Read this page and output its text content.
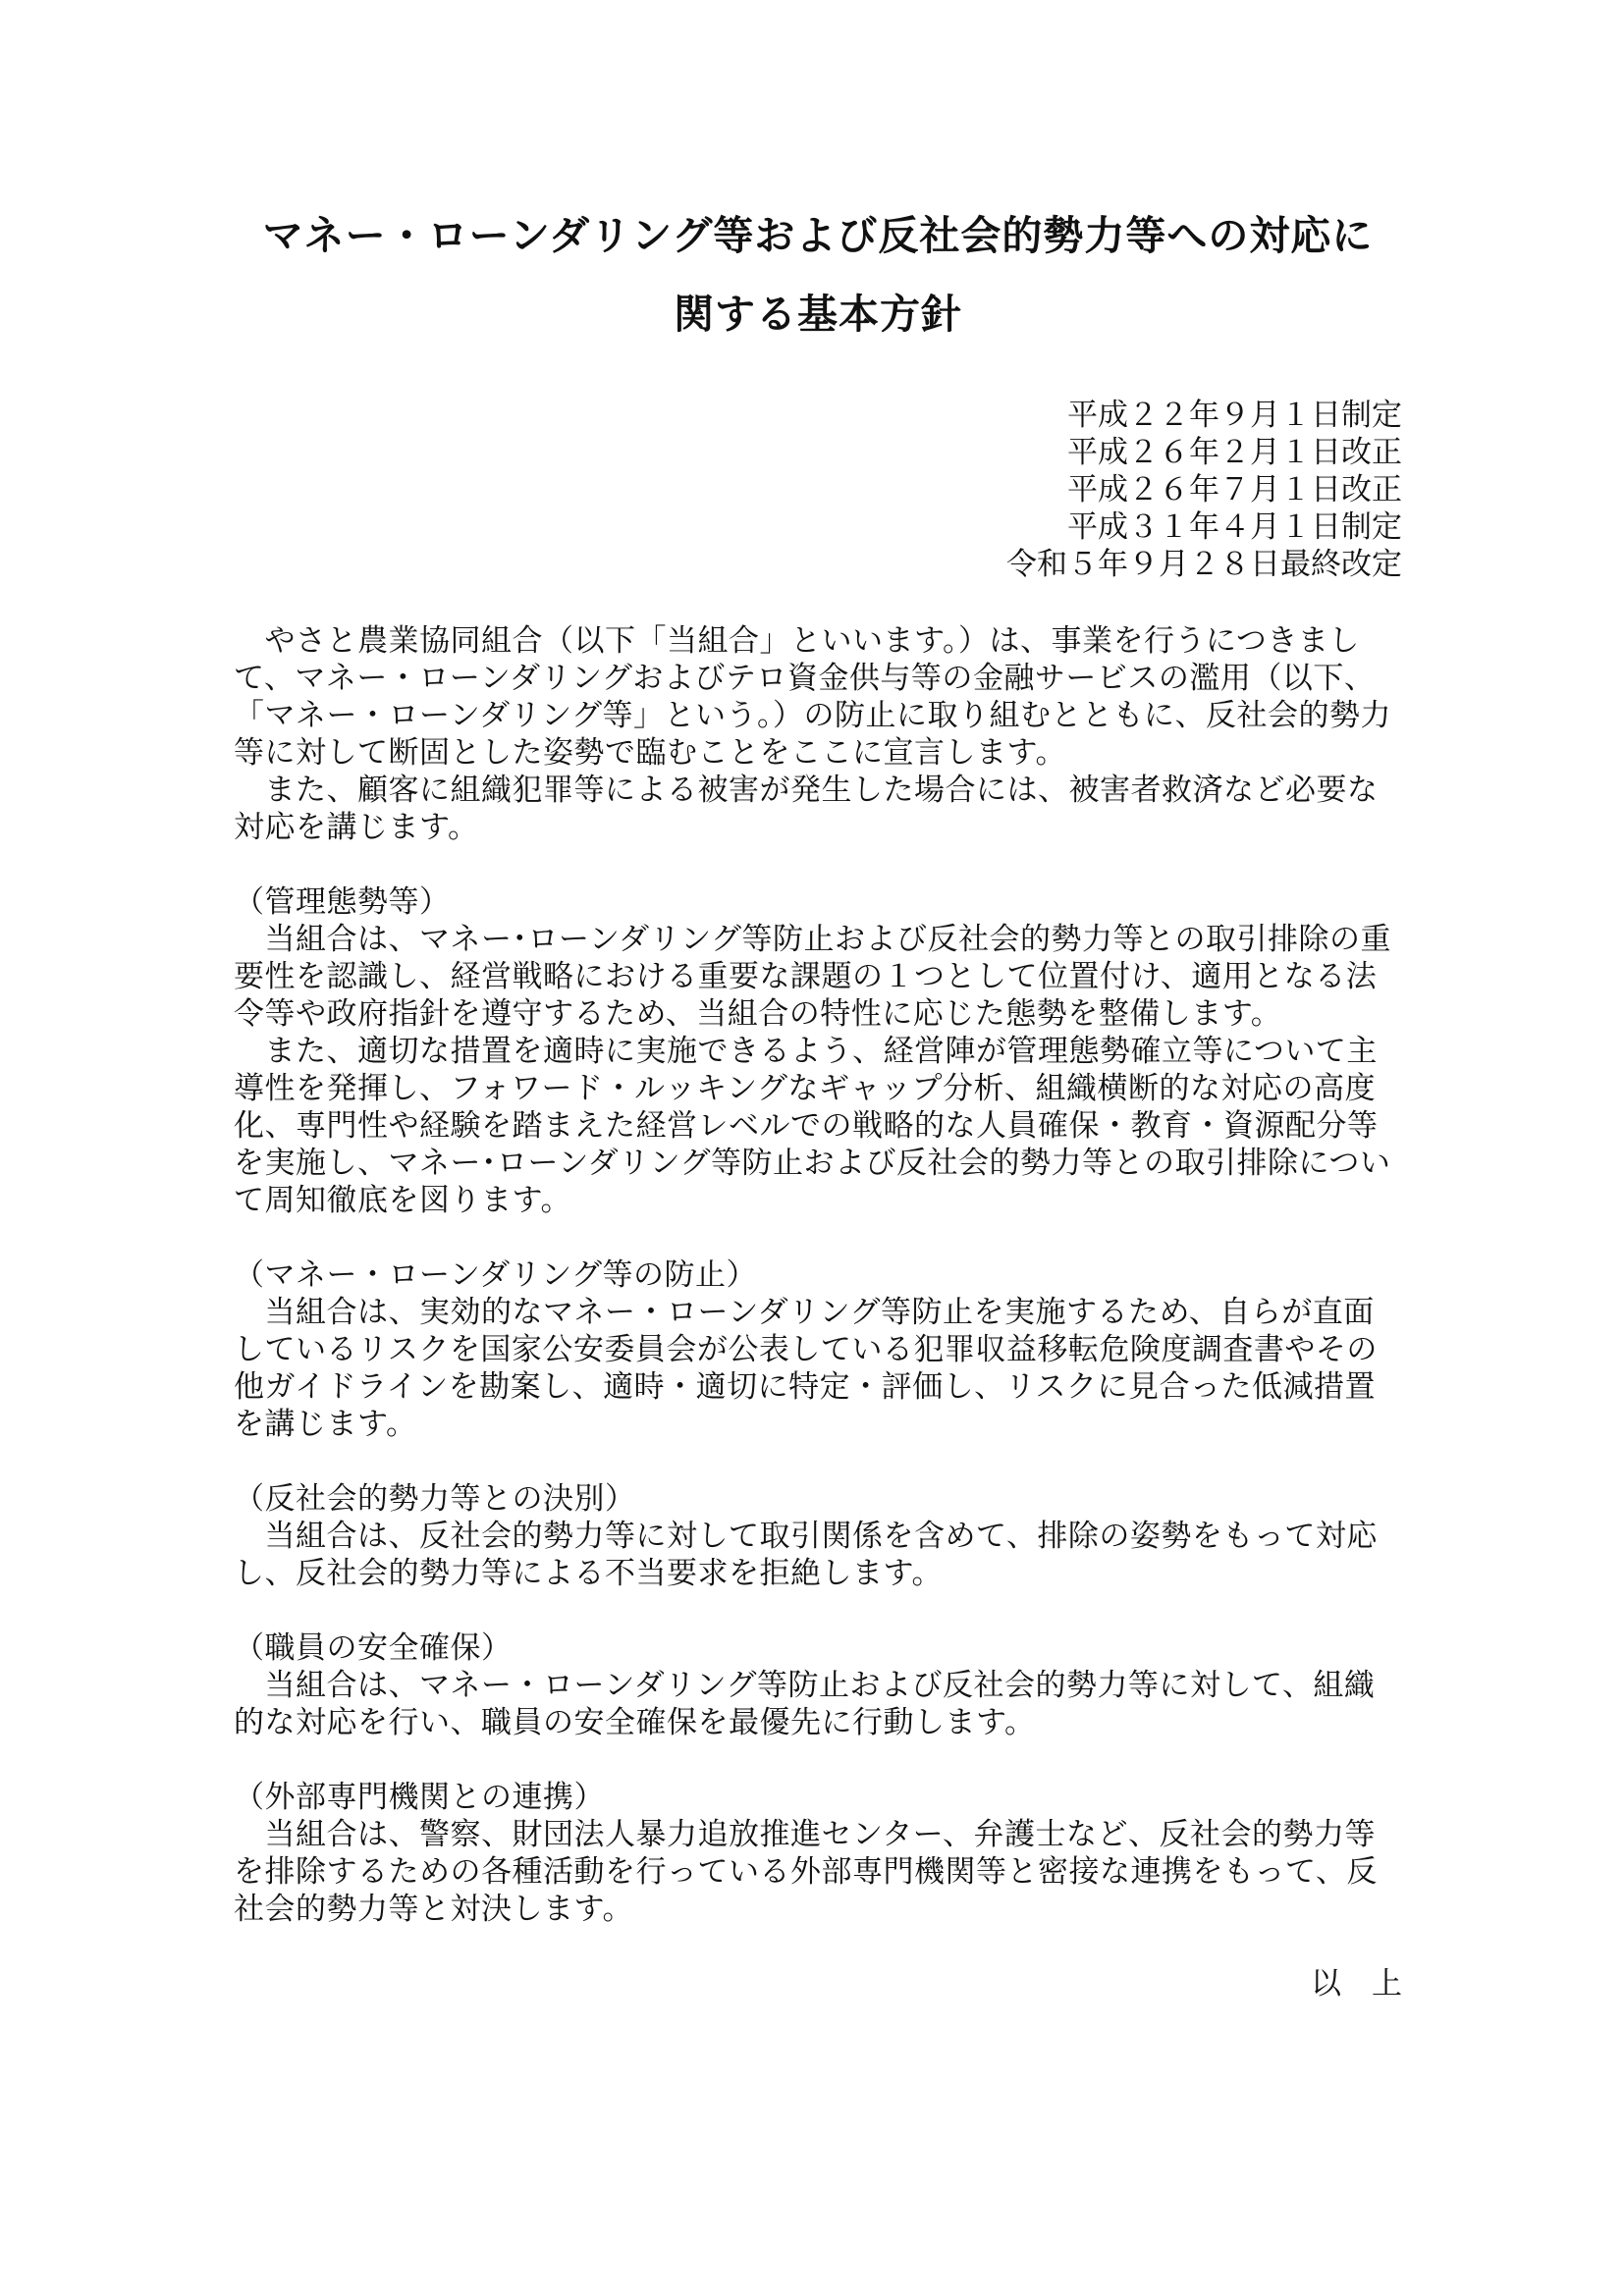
マネー・ローンダリング等および反社会的勢力等への対応に
関する基本方針
平成２２年９月１日制定
平成２６年２月１日改正
平成２６年７月１日改正
平成３１年４月１日制定
令和５年９月２８日最終改定

　やさと農業協同組合（以下「当組合」といいます。）は、事業を行うにつきまして、マネー・ローンダリングおよびテロ資金供与等の金融サービスの濫用（以下、「マネー・ローンダリング等」という。）の防止に取り組むとともに、反社会的勢力等に対して断固とした姿勢で臨むことをここに宣言します。

　また、顧客に組織犯罪等による被害が発生した場合には、被害者救済など必要な対応を講じます。

（管理態勢等）

　当組合は、マネー･ローンダリング等防止および反社会的勢力等との取引排除の重要性を認識し、経営戦略における重要な課題の１つとして位置付け、適用となる法令等や政府指針を遵守するため、当組合の特性に応じた態勢を整備します。

　また、適切な措置を適時に実施できるよう、経営陣が管理態勢確立等について主導性を発揮し、フォワード・ルッキングなギャップ分析、組織横断的な対応の高度化、専門性や経験を踏まえた経営レベルでの戦略的な人員確保・教育・資源配分等を実施し、マネー･ローンダリング等防止および反社会的勢力等との取引排除について周知徹底を図ります。

（マネー・ローンダリング等の防止）

　当組合は、実効的なマネー・ローンダリング等防止を実施するため、自らが直面しているリスクを国家公安委員会が公表している犯罪収益移転危険度調査書やその他ガイドラインを勘案し、適時・適切に特定・評価し、リスクに見合った低減措置を講じます。

（反社会的勢力等との決別）

　当組合は、反社会的勢力等に対して取引関係を含めて、排除の姿勢をもって対応し、反社会的勢力等による不当要求を拒絶します。

（職員の安全確保）

　当組合は、マネー・ローンダリング等防止および反社会的勢力等に対して、組織的な対応を行い、職員の安全確保を最優先に行動します。

（外部専門機関との連携）

　当組合は、警察、財団法人暴力追放推進センター、弁護士など、反社会的勢力等を排除するための各種活動を行っている外部専門機関等と密接な連携をもって、反社会的勢力等と対決します。

以　上
